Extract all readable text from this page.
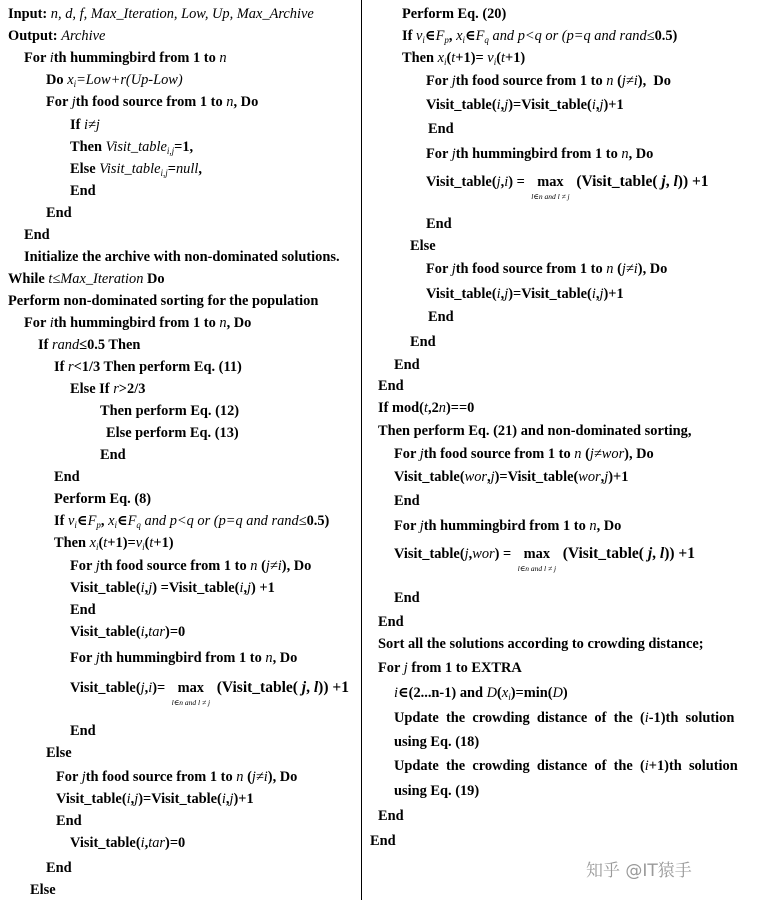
Input: n, d, f, Max_Iteration, Low, Up, Max_Archive
Output: Archive
For ith hummingbird from 1 to n
Do $x_i=Low+r(Up-Low)$
For jth food source from 1 to n, Do
If i≠j
Then Visit_table$_{i,j}$=1,
Else Visit_table$_{i,j}$=null,
End
End
End
Initialize the archive with non-dominated solutions.
While t≤Max_Iteration Do
Perform non-dominated sorting for the population
For ith hummingbird from 1 to n, Do
If rand≤0.5 Then
If r<1/3 Then perform Eq. (11)
Else If r>2/3
Then perform Eq. (12)
Else perform Eq. (13)
End
End
Perform Eq. (8)
If $v_i\in F_p$, $x_i\in F_q$ and p<q or (p=q and rand≤0.5)
Then $x_i(t+1)=v_i(t+1)$
For jth food source from 1 to n (j≠i), Do
Visit_table(i,j) =Visit_table(i,j) +1
End
Visit_table(i,tar)=0
For jth hummingbird from 1 to n, Do
Visit_table(j,i)= max
l∈n and l ≠ j
(Visit_table( j, l)) +1
End
Else
For jth food source from 1 to n (j≠i), Do
Visit_table(i,j)=Visit_table(i,j)+1
End
Visit_table(i,tar)=0
End
Else
Perform Eq. (20)
If $v_i\in F_p$, $x_i\in F_q$ and p<q or (p=q and rand≤0.5)
Then $x_i(t+1)= v_i(t+1)$
For jth food source from 1 to n (j≠i),  Do
Visit_table(i,j)=Visit_table(i,j)+1
End
For jth hummingbird from 1 to n, Do
Visit_table(j,i) = max
l∈n and l ≠ j
(Visit_table( j, l)) +1
End
Else
For jth food source from 1 to n (j≠i), Do
Visit_table(i,j)=Visit_table(i,j)+1
End
End
End
End
If mod(t,2n)==0
Then perform Eq. (21) and non-dominated sorting,
For jth food source from 1 to n (j≠wor), Do
Visit_table(wor,j)=Visit_table(wor,j)+1
End
For jth hummingbird from 1 to n, Do
Visit_table(j,wor) = max
l∈n and l ≠ j
(Visit_table( j, l)) +1
End
End
Sort all the solutions according to crowding distance;
For j from 1 to EXTRA
i∈(2...n-1) and $D(x_i)=\min(D)$
Update  the  crowding  distance  of  the  (i-1)th  solution
using Eq. (18)
Update  the  crowding  distance  of  the  (i+1)th  solution
using Eq. (19)
End
End
知乎 @IT猿手
